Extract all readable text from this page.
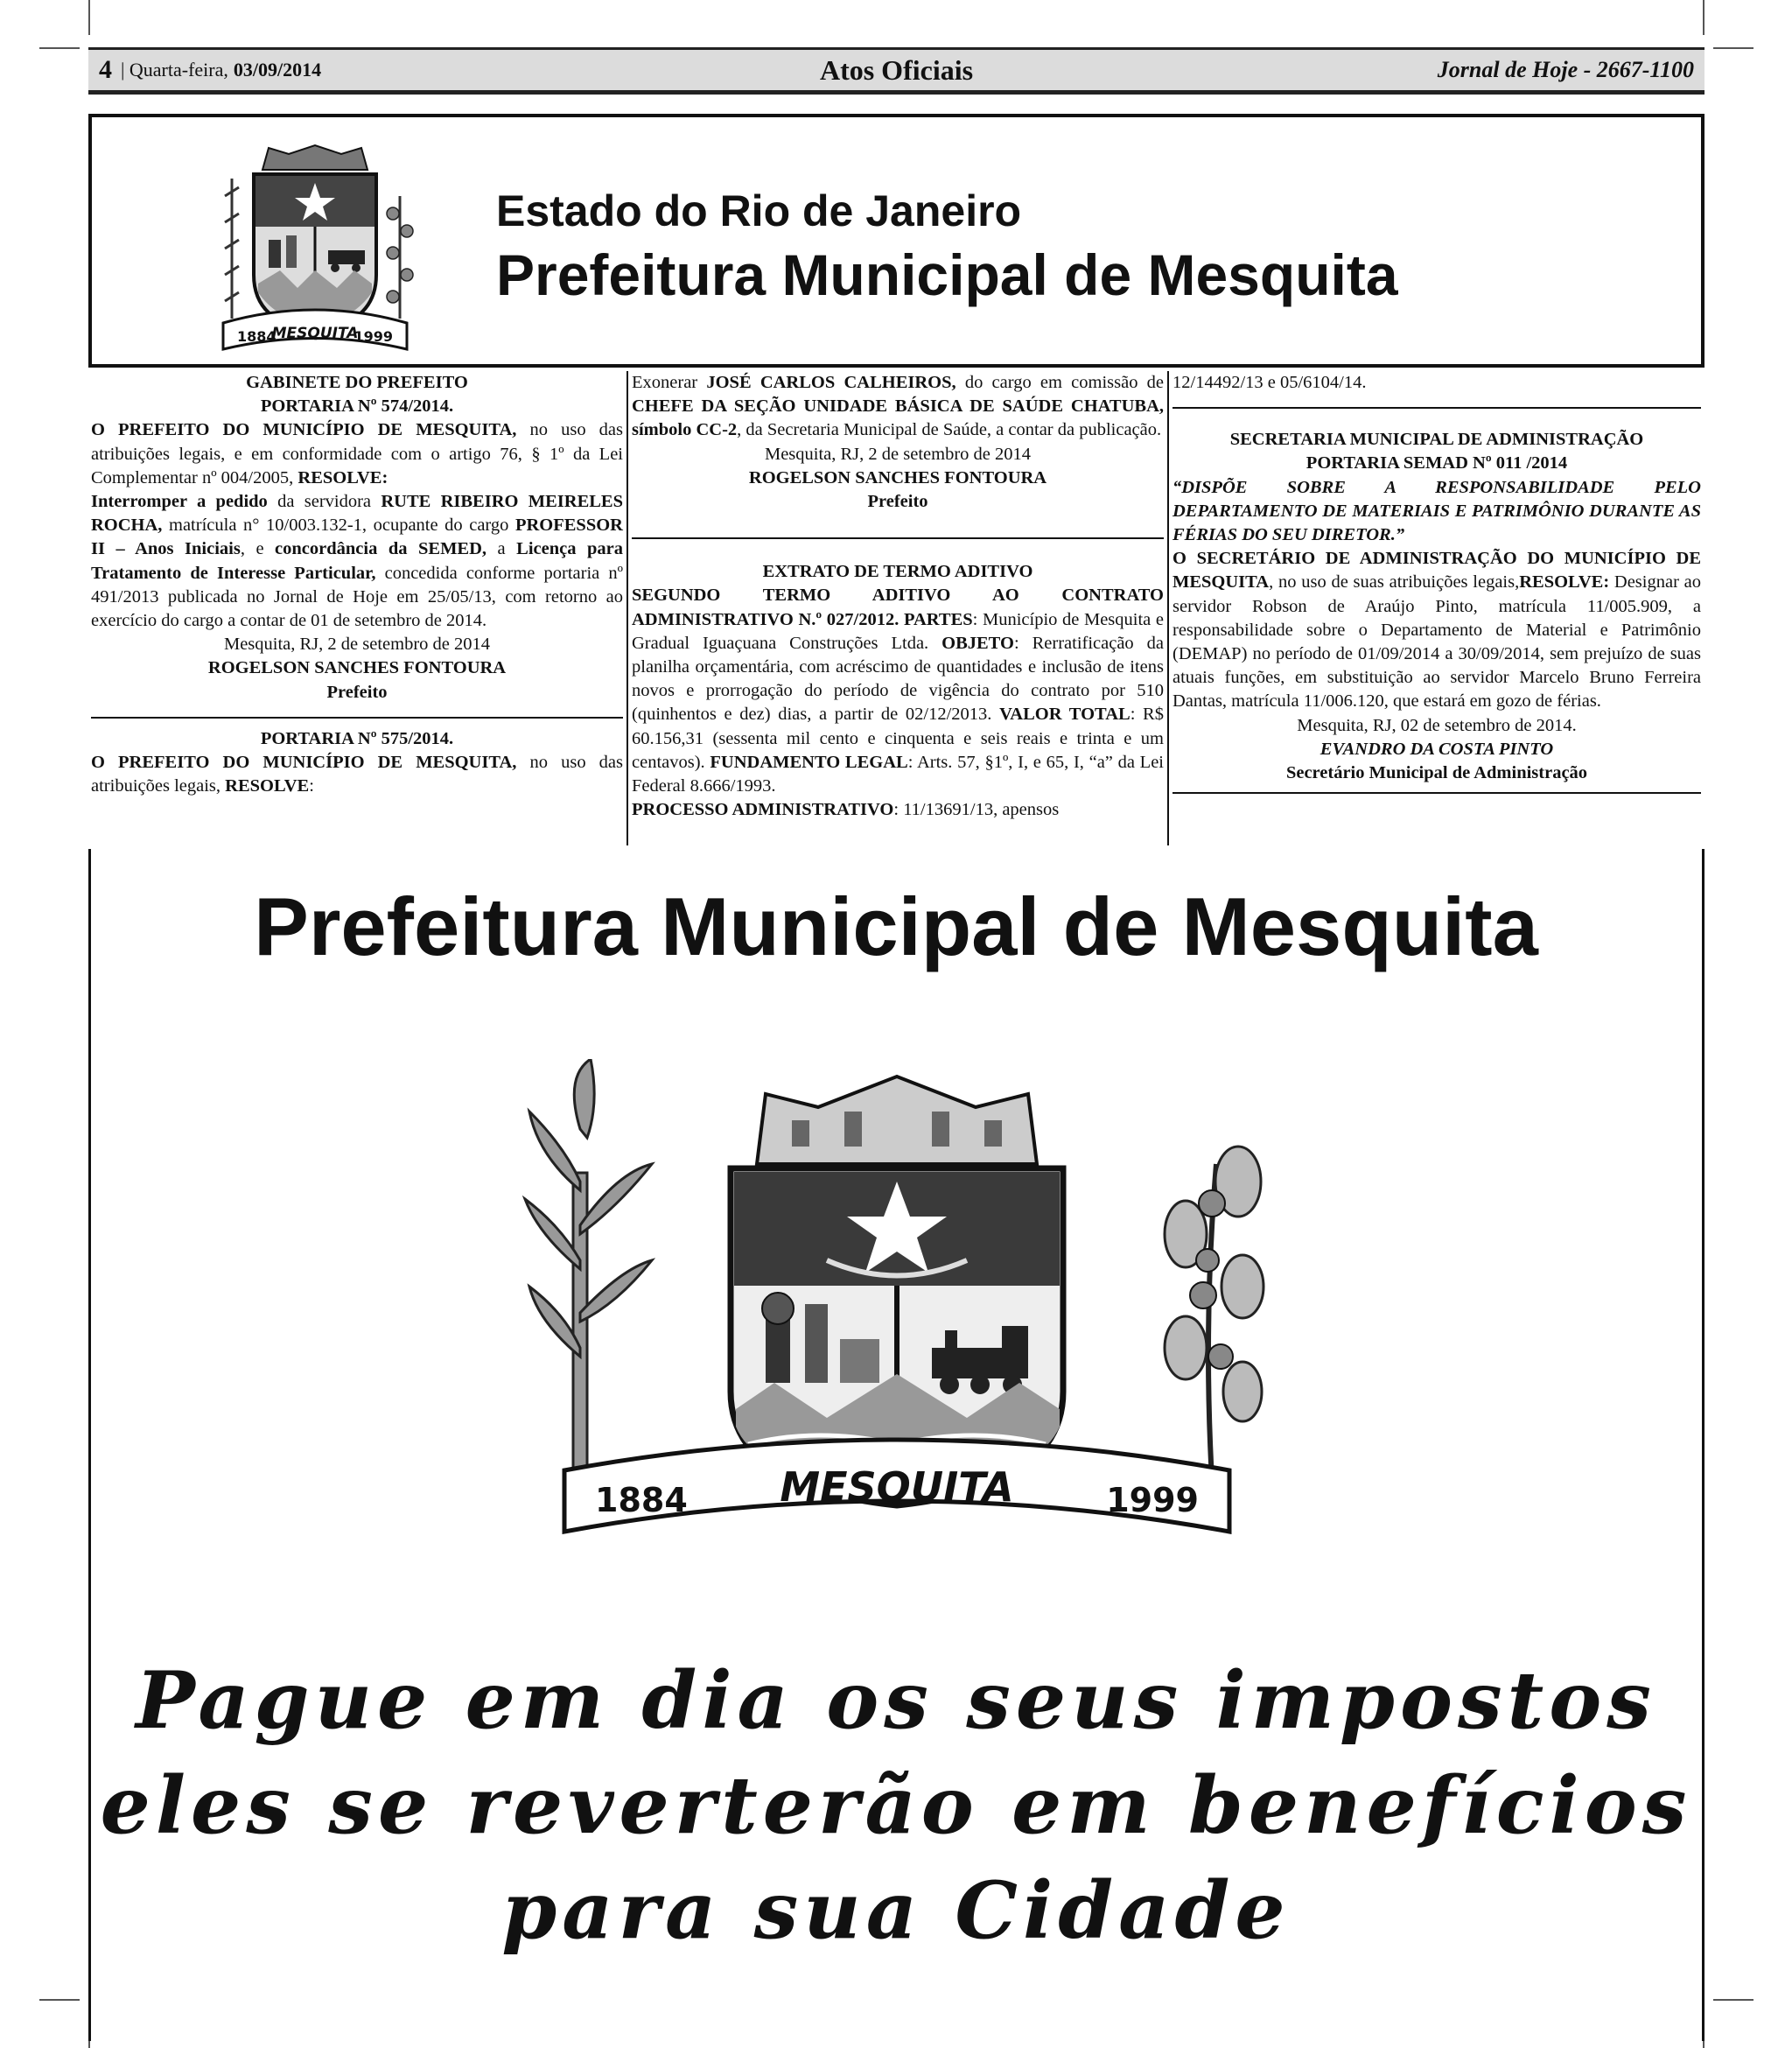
4 | Quarta-feira, 03/09/2014	Atos Oficiais	Jornal de Hoje - 2667-1100
1884
MESQUITA
1999
Estado do Rio de Janeiro
Prefeitura Municipal de Mesquita
GABINETE DO PREFEITO
PORTARIA Nº 574/2014.

O PREFEITO DO MUNICÍPIO DE MESQUITA, no uso das atribuições legais, e em conformidade com o artigo 76, § 1º da Lei Complementar nº 004/2005, RESOLVE:
Interromper a pedido da servidora RUTE RIBEIRO MEIRELES ROCHA, matrícula n° 10/003.132-1, ocupante do cargo PROFESSOR II – Anos Iniciais, e concordância da SEMED, a Licença para Tratamento de Interesse Particular, concedida conforme portaria nº 491/2013 publicada no Jornal de Hoje em 25/05/13, com retorno ao exercício do cargo a contar de 01 de setembro de 2014.

Mesquita, RJ, 2 de setembro de 2014
ROGELSON SANCHES FONTOURA
Prefeito
PORTARIA Nº 575/2014.

O PREFEITO DO MUNICÍPIO DE MESQUITA, no uso das atribuições legais, RESOLVE:

Exonerar JOSÉ CARLOS CALHEIROS, do cargo em comissão de CHEFE DA SEÇÃO UNIDADE BÁSICA DE SAÚDE CHATUBA, símbolo CC-2, da Secretaria Municipal de Saúde, a contar da publicação.

Mesquita, RJ, 2 de setembro de 2014
ROGELSON SANCHES FONTOURA
Prefeito
EXTRATO DE TERMO ADITIVO

SEGUNDO TERMO ADITIVO AO CONTRATO ADMINISTRATIVO N.º 027/2012. PARTES: Município de Mesquita e Gradual Iguaçuana Construções Ltda. OBJETO: Rerratificação da planilha orçamentária, com acréscimo de quantidades e inclusão de itens novos e prorrogação do período de vigência do contrato por 510 (quinhentos e dez) dias, a partir de 02/12/2013. VALOR TOTAL: R$ 60.156,31 (sessenta mil cento e cinquenta e seis reais e trinta e um centavos). FUNDAMENTO LEGAL: Arts. 57, §1º, I, e 65, I, “a” da Lei Federal 8.666/1993.
PROCESSO ADMINISTRATIVO: 11/13691/13, apensos

12/14492/13 e 05/6104/14.
SECRETARIA MUNICIPAL DE ADMINISTRAÇÃO
PORTARIA SEMAD Nº 011 /2014

“DISPÕE SOBRE A RESPONSABILIDADE PELO DEPARTAMENTO DE MATERIAIS E PATRIMÔNIO DURANTE AS FÉRIAS DO SEU DIRETOR.”

O SECRETÁRIO DE ADMINISTRAÇÃO DO MUNICÍPIO DE MESQUITA, no uso de suas atribuições legais,RESOLVE: Designar ao servidor Robson de Araújo Pinto, matrícula 11/005.909, a responsabilidade sobre o Departamento de Material e Patrimônio (DEMAP) no período de 01/09/2014 a 30/09/2014, sem prejuízo de suas atuais funções, em substituição ao servidor Marcelo Bruno Ferreira Dantas, matrícula 11/006.120, que estará em gozo de férias.

Mesquita, RJ, 02 de setembro de 2014.
EVANDRO DA COSTA PINTO
Secretário Municipal de Administração
Prefeitura Municipal de Mesquita
1884 MESQUITA	1999
Pague em dia os seus impostos
eles se reverterão em benefícios
para sua Cidade
